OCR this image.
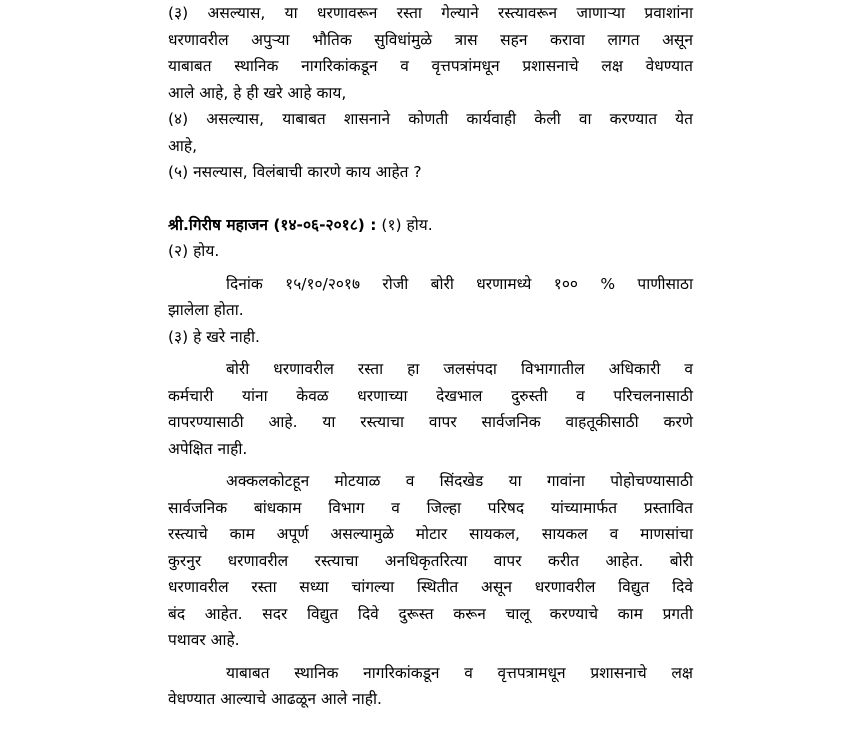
(३) असल्यास, या धरणावरून रस्ता गेल्याने रस्त्यावरून जाणाऱ्या प्रवाशांना
धरणावरील अपुऱ्या भौतिक सुविधांमुळे त्रास सहन करावा लागत असून
याबाबत स्थानिक नागरिकांकडून व वृत्तपत्रांमधून प्रशासनाचे लक्ष वेधण्यात
आले आहे, हे ही खरे आहे काय,
(४) असल्यास, याबाबत शासनाने कोणती कार्यवाही केली वा करण्यात येत
आहे,
(५) नसल्यास, विलंबाची कारणे काय आहेत ?
श्री.गिरीष महाजन (१४-०६-२०१८) : (१) होय.
(२) होय.
दिनांक १५/१०/२०१७ रोजी बोरी धरणामध्ये १०० % पाणीसाठा
झालेला होता.
(३) हे खरे नाही.
बोरी धरणावरील रस्ता हा जलसंपदा विभागातील अधिकारी व
कर्मचारी यांना केवळ धरणाच्या देखभाल दुरुस्ती व परिचलनासाठी
वापरण्यासाठी आहे. या रस्त्याचा वापर सार्वजनिक वाहतूकीसाठी करणे
अपेक्षित नाही.
अक्कलकोटहून मोटयाळ व सिंदखेड या गावांना पोहोचण्यासाठी
सार्वजनिक बांधकाम विभाग व जिल्हा परिषद यांच्यामार्फत प्रस्तावित
रस्त्याचे काम अपूर्ण असल्यामुळे मोटार सायकल, सायकल व माणसांचा
कुरनुर धरणावरील रस्त्याचा अनधिकृतरित्या वापर करीत आहेत. बोरी
धरणावरील रस्ता सध्या चांगल्या स्थितीत असून धरणावरील विद्युत दिवे
बंद आहेत. सदर विद्युत दिवे दुरूस्त करून चालू करण्याचे काम प्रगती
पथावर आहे.
याबाबत स्थानिक नागरिकांकडून व वृत्तपत्रामधून प्रशासनाचे लक्ष
वेधण्यात आल्याचे आढळून आले नाही.
